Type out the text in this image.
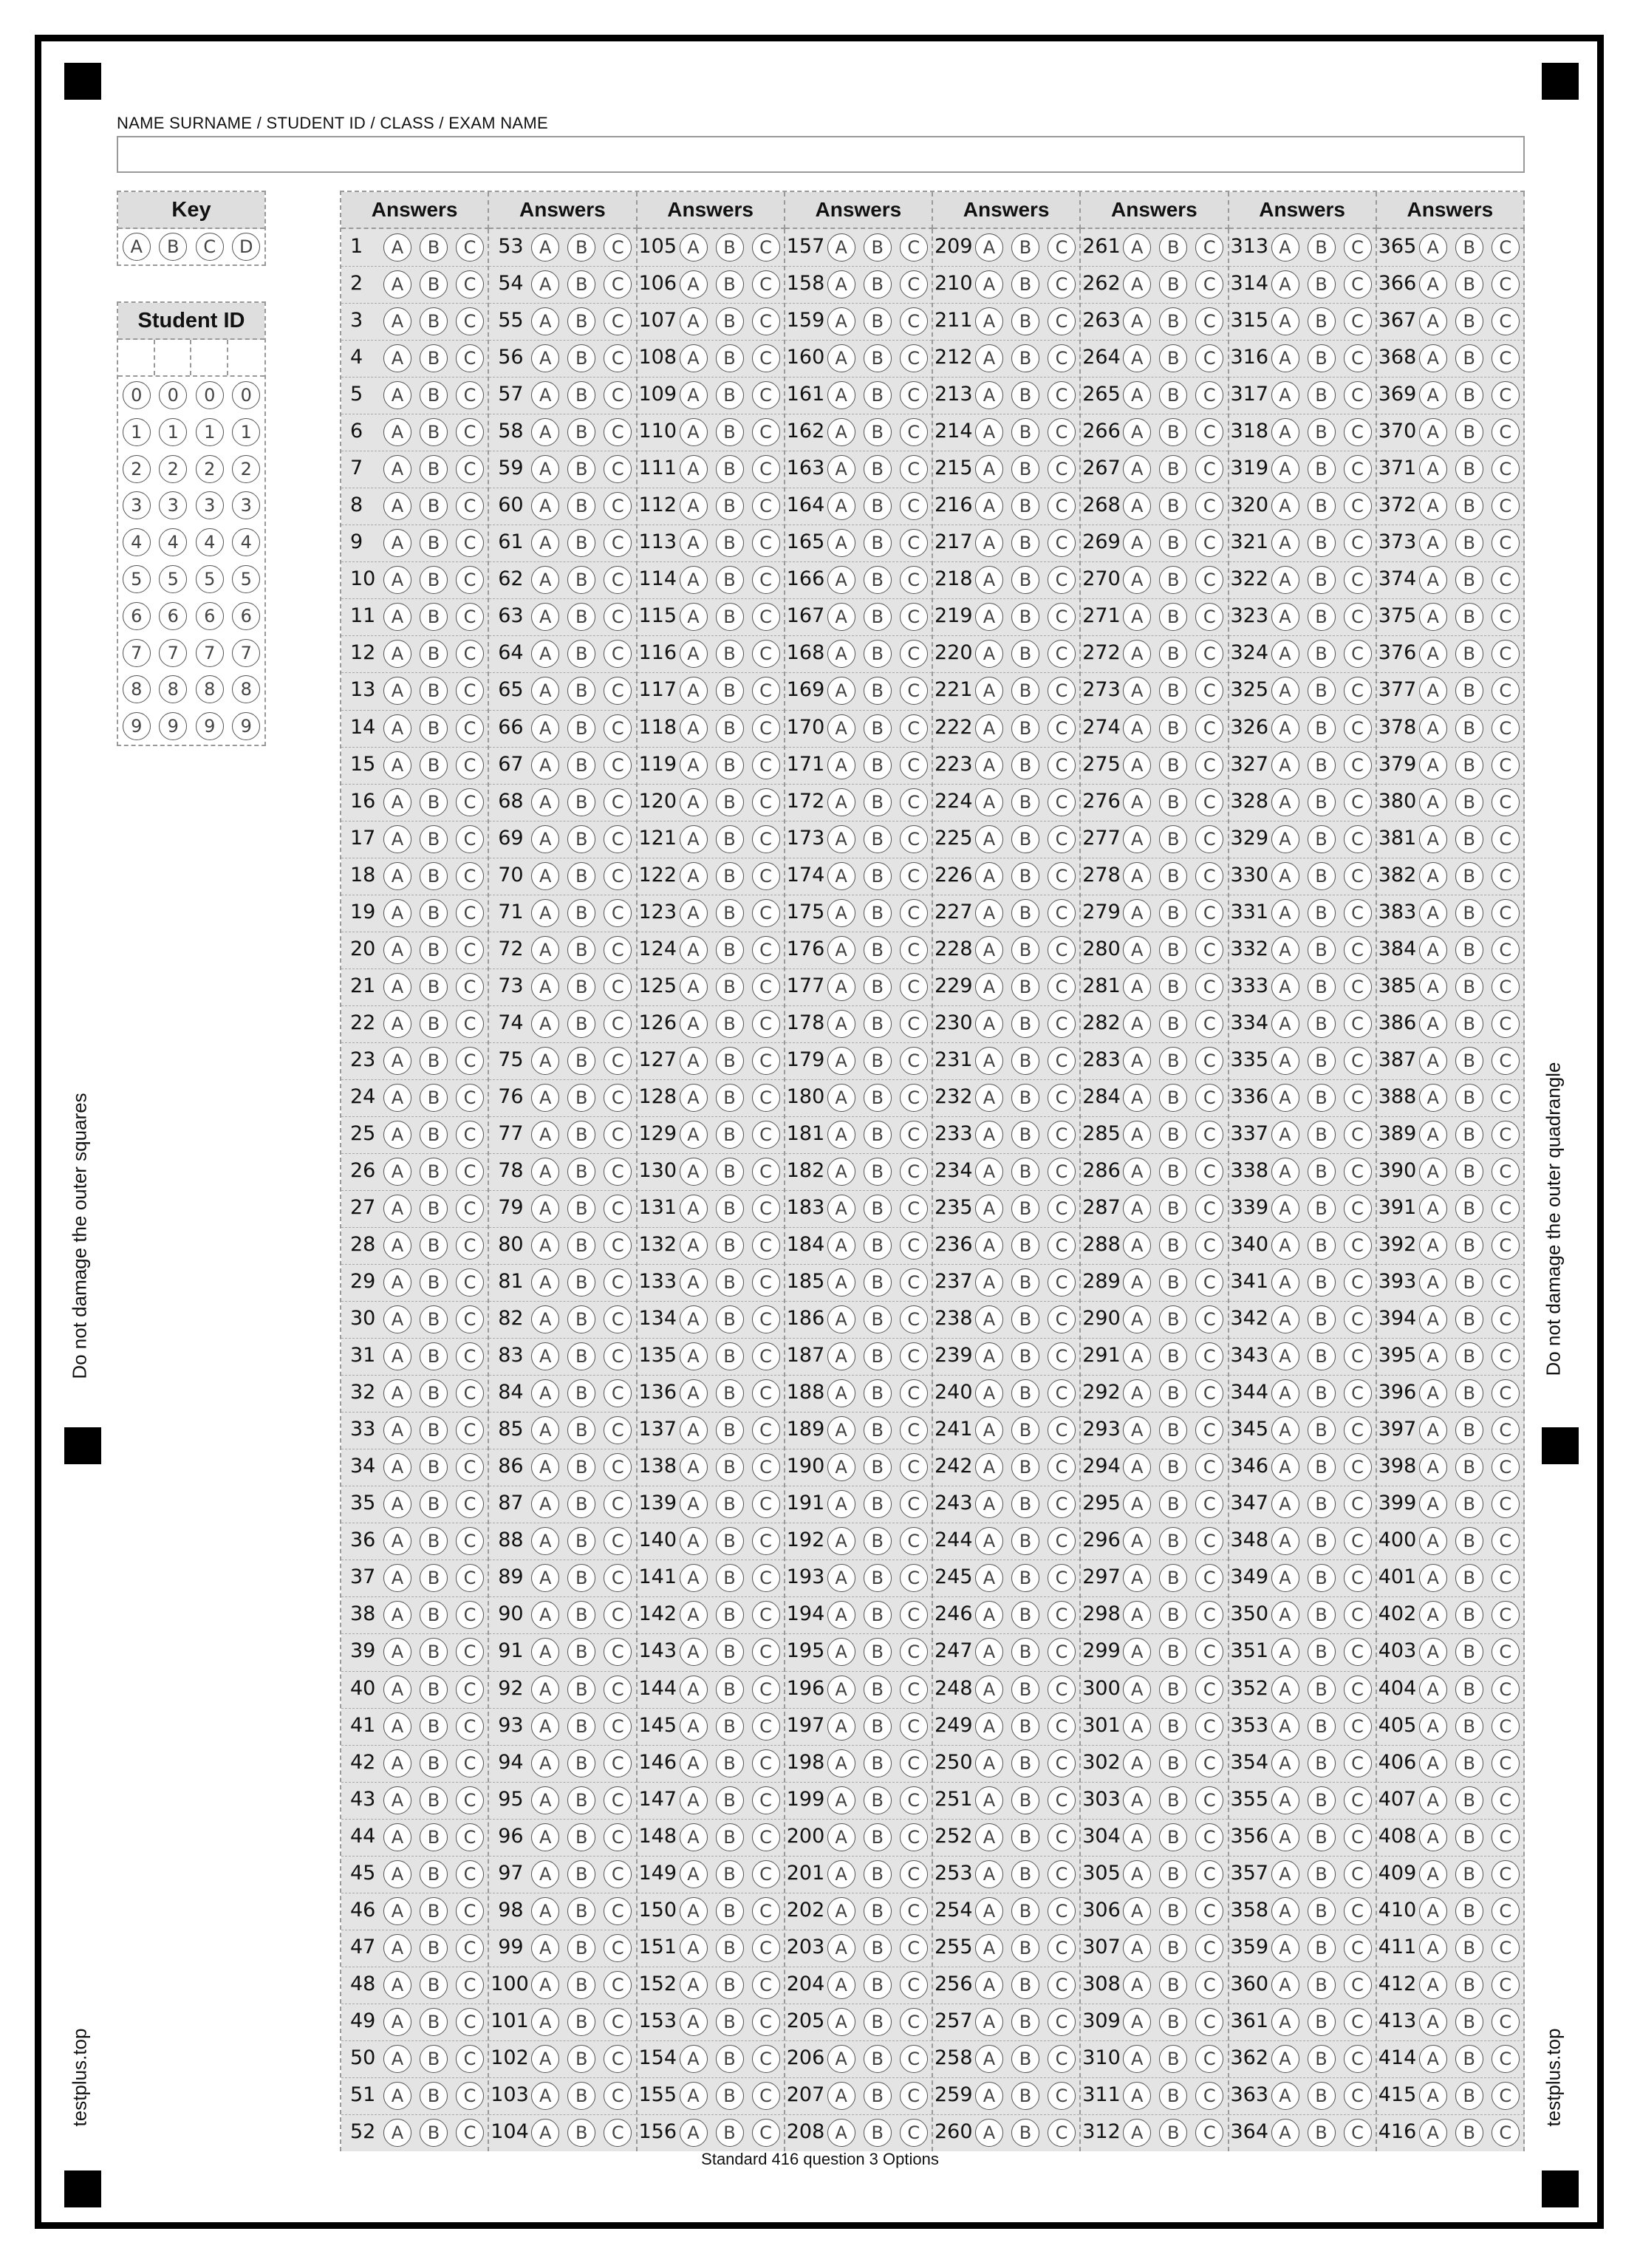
Do not damage the outer squares	Do not damage the outer quadrangle
testplus.top	testplus.top
NAME SURNAME / STUDENT ID / CLASS / EXAM NAME
Key
A	B	C	D
Student ID
0	0	0	0
1	1	1	1
2	2	2	2
3	3	3	3
4	4	4	4
5	5	5	5
6	6	6	6
7	7	7	7
8	8	8	8
9	9	9	9
Answers
1	A	B	C
2	A	B	C
3	A	B	C
4	A	B	C
5	A	B	C
6	A	B	C
7	A	B	C
8	A	B	C
9	A	B	C
10 A	B	C
11 A	B	C
12 A	B	C
13 A	B	C
14 A	B	C
15 A	B	C
16 A	B	C
17 A	B	C
18 A	B	C
19 A	B	C
20 A	B	C
21 A	B	C
22 A	B	C
23 A	B	C
24 A	B	C
25 A	B	C
26 A	B	C
27 A	B	C
28 A	B	C
29 A	B	C
30 A	B	C
31 A	B	C
32 A	B	C
33 A	B	C
34 A	B	C
35 A	B	C
36 A	B	C
37 A	B	C
38 A	B	C
39 A	B	C
40 A	B	C
41 A	B	C
42 A	B	C
43 A	B	C
44 A	B	C
45 A	B	C
46 A	B	C
47 A	B	C
48 A	B	C
49 A	B	C
50 A	B	C
51 A	B	C
52 A	B	C
Answers
53 A	B	C
54 A	B	C
55 A	B	C
56 A	B	C
57 A	B	C
58 A	B	C
59 A	B	C
60 A	B	C
61 A	B	C
62 A	B	C
63 A	B	C
64 A	B	C
65 A	B	C
66 A	B	C
67 A	B	C
68 A	B	C
69 A	B	C
70 A	B	C
71 A	B	C
72 A	B	C
73 A	B	C
74 A	B	C
75 A	B	C
76 A	B	C
77 A	B	C
78 A	B	C
79 A	B	C
80 A	B	C
81 A	B	C
82 A	B	C
83 A	B	C
84 A	B	C
85 A	B	C
86 A	B	C
87 A	B	C
88 A	B	C
89 A	B	C
90 A	B	C
91 A	B	C
92 A	B	C
93 A	B	C
94 A	B	C
95 A	B	C
96 A	B	C
97 A	B	C
98 A	B	C
99 A	B	C
100 A	B	C
101 A	B	C
102 A	B	C
103 A	B	C
104 A	B	C
Answers
105 A	B	C
106 A	B	C
107 A	B	C
108 A	B	C
109 A	B	C
110 A	B	C
111 A	B	C
112 A	B	C
113 A	B	C
114 A	B	C
115 A	B	C
116 A	B	C
117 A	B	C
118 A	B	C
119 A	B	C
120 A	B	C
121 A	B	C
122 A	B	C
123 A	B	C
124 A	B	C
125 A	B	C
126 A	B	C
127 A	B	C
128 A	B	C
129 A	B	C
130 A	B	C
131 A	B	C
132 A	B	C
133 A	B	C
134 A	B	C
135 A	B	C
136 A	B	C
137 A	B	C
138 A	B	C
139 A	B	C
140 A	B	C
141 A	B	C
142 A	B	C
143 A	B	C
144 A	B	C
145 A	B	C
146 A	B	C
147 A	B	C
148 A	B	C
149 A	B	C
150 A	B	C
151 A	B	C
152 A	B	C
153 A	B	C
154 A	B	C
155 A	B	C
156 A	B	C
Answers
157 A	B	C
158 A	B	C
159 A	B	C
160 A	B	C
161 A	B	C
162 A	B	C
163 A	B	C
164 A	B	C
165 A	B	C
166 A	B	C
167 A	B	C
168 A	B	C
169 A	B	C
170 A	B	C
171 A	B	C
172 A	B	C
173 A	B	C
174 A	B	C
175 A	B	C
176 A	B	C
177 A	B	C
178 A	B	C
179 A	B	C
180 A	B	C
181 A	B	C
182 A	B	C
183 A	B	C
184 A	B	C
185 A	B	C
186 A	B	C
187 A	B	C
188 A	B	C
189 A	B	C
190 A	B	C
191 A	B	C
192 A	B	C
193 A	B	C
194 A	B	C
195 A	B	C
196 A	B	C
197 A	B	C
198 A	B	C
199 A	B	C
200 A	B	C
201 A	B	C
202 A	B	C
203 A	B	C
204 A	B	C
205 A	B	C
206 A	B	C
207 A	B	C
208 A	B	C
Answers
209 A	B	C
210 A	B	C
211 A	B	C
212 A	B	C
213 A	B	C
214 A	B	C
215 A	B	C
216 A	B	C
217 A	B	C
218 A	B	C
219 A	B	C
220 A	B	C
221 A	B	C
222 A	B	C
223 A	B	C
224 A	B	C
225 A	B	C
226 A	B	C
227 A	B	C
228 A	B	C
229 A	B	C
230 A	B	C
231 A	B	C
232 A	B	C
233 A	B	C
234 A	B	C
235 A	B	C
236 A	B	C
237 A	B	C
238 A	B	C
239 A	B	C
240 A	B	C
241 A	B	C
242 A	B	C
243 A	B	C
244 A	B	C
245 A	B	C
246 A	B	C
247 A	B	C
248 A	B	C
249 A	B	C
250 A	B	C
251 A	B	C
252 A	B	C
253 A	B	C
254 A	B	C
255 A	B	C
256 A	B	C
257 A	B	C
258 A	B	C
259 A	B	C
260 A	B	C
Answers
261 A	B	C
262 A	B	C
263 A	B	C
264 A	B	C
265 A	B	C
266 A	B	C
267 A	B	C
268 A	B	C
269 A	B	C
270 A	B	C
271 A	B	C
272 A	B	C
273 A	B	C
274 A	B	C
275 A	B	C
276 A	B	C
277 A	B	C
278 A	B	C
279 A	B	C
280 A	B	C
281 A	B	C
282 A	B	C
283 A	B	C
284 A	B	C
285 A	B	C
286 A	B	C
287 A	B	C
288 A	B	C
289 A	B	C
290 A	B	C
291 A	B	C
292 A	B	C
293 A	B	C
294 A	B	C
295 A	B	C
296 A	B	C
297 A	B	C
298 A	B	C
299 A	B	C
300 A	B	C
301 A	B	C
302 A	B	C
303 A	B	C
304 A	B	C
305 A	B	C
306 A	B	C
307 A	B	C
308 A	B	C
309 A	B	C
310 A	B	C
311 A	B	C
312 A	B	C
Answers
313 A	B	C
314 A	B	C
315 A	B	C
316 A	B	C
317 A	B	C
318 A	B	C
319 A	B	C
320 A	B	C
321 A	B	C
322 A	B	C
323 A	B	C
324 A	B	C
325 A	B	C
326 A	B	C
327 A	B	C
328 A	B	C
329 A	B	C
330 A	B	C
331 A	B	C
332 A	B	C
333 A	B	C
334 A	B	C
335 A	B	C
336 A	B	C
337 A	B	C
338 A	B	C
339 A	B	C
340 A	B	C
341 A	B	C
342 A	B	C
343 A	B	C
344 A	B	C
345 A	B	C
346 A	B	C
347 A	B	C
348 A	B	C
349 A	B	C
350 A	B	C
351 A	B	C
352 A	B	C
353 A	B	C
354 A	B	C
355 A	B	C
356 A	B	C
357 A	B	C
358 A	B	C
359 A	B	C
360 A	B	C
361 A	B	C
362 A	B	C
363 A	B	C
364 A	B	C
Answers
365 A	B	C
366 A	B	C
367 A	B	C
368 A	B	C
369 A	B	C
370 A	B	C
371 A	B	C
372 A	B	C
373 A	B	C
374 A	B	C
375 A	B	C
376 A	B	C
377 A	B	C
378 A	B	C
379 A	B	C
380 A	B	C
381 A	B	C
382 A	B	C
383 A	B	C
384 A	B	C
385 A	B	C
386 A	B	C
387 A	B	C
388 A	B	C
389 A	B	C
390 A	B	C
391 A	B	C
392 A	B	C
393 A	B	C
394 A	B	C
395 A	B	C
396 A	B	C
397 A	B	C
398 A	B	C
399 A	B	C
400 A	B	C
401 A	B	C
402 A	B	C
403 A	B	C
404 A	B	C
405 A	B	C
406 A	B	C
407 A	B	C
408 A	B	C
409 A	B	C
410 A	B	C
411 A	B	C
412 A	B	C
413 A	B	C
414 A	B	C
415 A	B	C
416 A	B	C
Standard 416 question 3 Options
